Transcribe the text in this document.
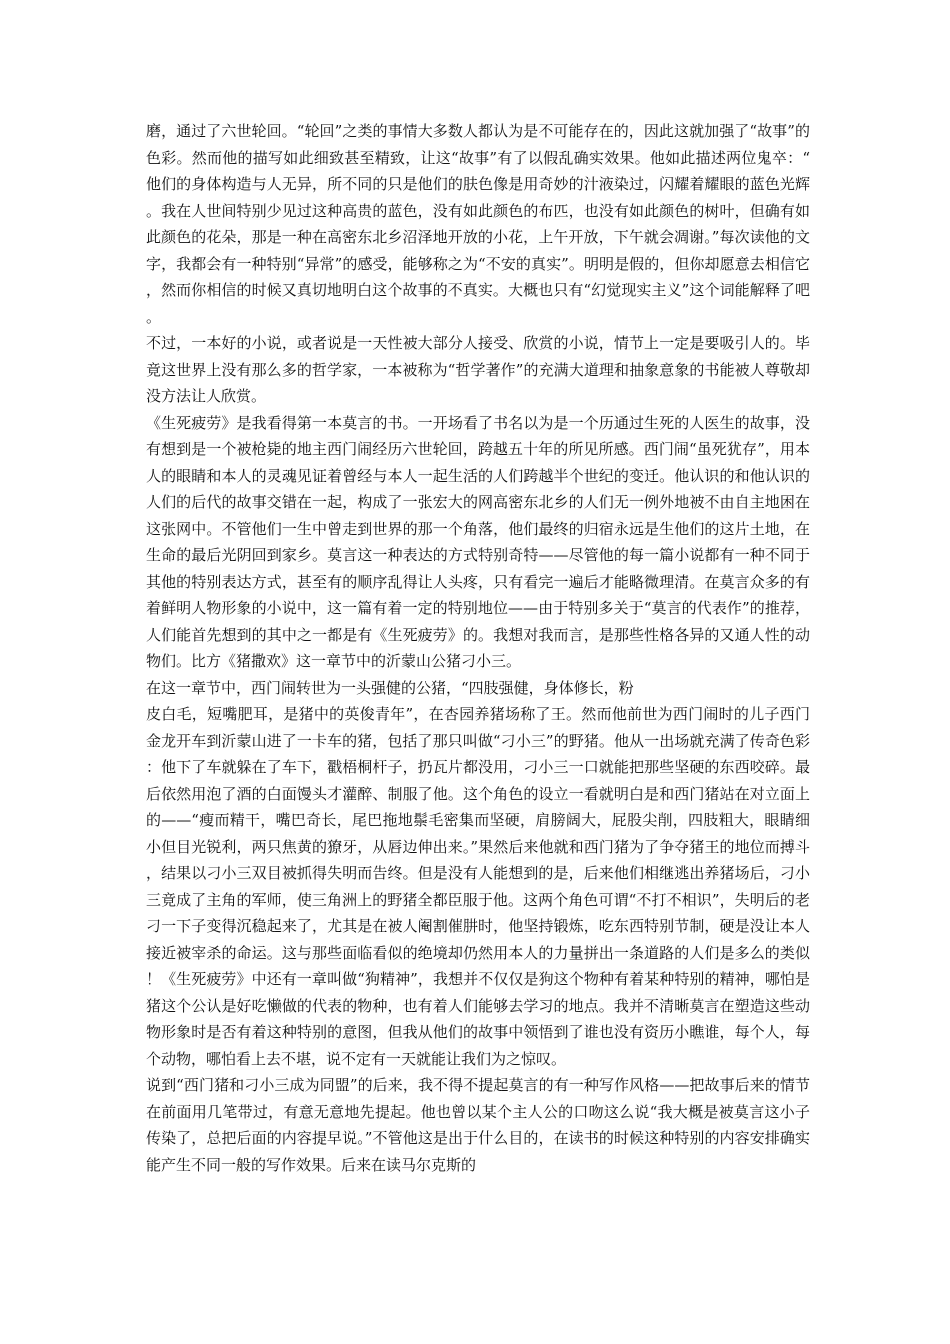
磨，通过了六世轮回。“轮回”之类的事情大多数人都认为是不可能存在的，因此这就加强了“故事”的色彩。然而他的描写如此细致甚至精致，让这“故事”有了以假乱确实效果。他如此描述两位鬼卒：“他们的身体构造与人无异，所不同的只是他们的肤色像是用奇妙的汁液染过，闪耀着耀眼的蓝色光辉。我在人世间特别少见过这种高贵的蓝色，没有如此颜色的布匹，也没有如此颜色的树叶，但确有如此颜色的花朵，那是一种在高密东北乡沼泽地开放的小花，上午开放，下午就会凋谢。”每次读他的文字，我都会有一种特别“异常”的感受，能够称之为“不安的真实”。明明是假的，但你却愿意去相信它，然而你相信的时候又真切地明白这个故事的不真实。大概也只有“幻觉现实主义”这个词能解释了吧。

不过，一本好的小说，或者说是一天性被大部分人接受、欣赏的小说，情节上一定是要吸引人的。毕竟这世界上没有那么多的哲学家，一本被称为“哲学著作”的充满大道理和抽象意象的书能被人尊敬却没方法让人欣赏。

《生死疲劳》是我看得第一本莫言的书。一开场看了书名以为是一个历通过生死的人医生的故事，没有想到是一个被枪毙的地主西门闹经历六世轮回，跨越五十年的所见所感。西门闹“虽死犹存”，用本人的眼睛和本人的灵魂见证着曾经与本人一起生活的人们跨越半个世纪的变迁。他认识的和他认识的人们的后代的故事交错在一起，构成了一张宏大的网高密东北乡的人们无一例外地被不由自主地困在这张网中。不管他们一生中曾走到世界的那一个角落，他们最终的归宿永远是生他们的这片土地，在生命的最后光阴回到家乡。莫言这一种表达的方式特别奇特——尽管他的每一篇小说都有一种不同于其他的特别表达方式，甚至有的顺序乱得让人头疼，只有看完一遍后才能略微理清。在莫言众多的有着鲜明人物形象的小说中，这一篇有着一定的特别地位——由于特别多关于“莫言的代表作”的推荐，人们能首先想到的其中之一都是有《生死疲劳》的。我想对我而言，是那些性格各异的又通人性的动物们。比方《猪撒欢》这一章节中的沂蒙山公猪刁小三。

在这一章节中，西门闹转世为一头强健的公猪，“四肢强健，身体修长，粉
皮白毛，短嘴肥耳，是猪中的英俊青年”，在杏园养猪场称了王。然而他前世为西门闹时的儿子西门金龙开车到沂蒙山进了一卡车的猪，包括了那只叫做“刁小三”的野猪。他从一出场就充满了传奇色彩：他下了车就躲在了车下，戳梧桐杆子，扔瓦片都没用，刁小三一口就能把那些坚硬的东西咬碎。最后依然用泡了酒的白面馒头才灌醉、制服了他。这个角色的设立一看就明白是和西门猪站在对立面上的——“瘦而精干，嘴巴奇长，尾巴拖地鬃毛密集而坚硬，肩膀阔大，屁股尖削，四肢粗大，眼睛细小但目光锐利，两只焦黄的獠牙，从唇边伸出来。”果然后来他就和西门猪为了争夺猪王的地位而搏斗，结果以刁小三双目被抓得失明而告终。但是没有人能想到的是，后来他们相继逃出养猪场后，刁小三竟成了主角的军师，使三角洲上的野猪全都臣服于他。这两个角色可谓“不打不相识”，失明后的老刁一下子变得沉稳起来了，尤其是在被人阉割催肼时，他坚持锻炼，吃东西特别节制，硬是没让本人接近被宰杀的命运。这与那些面临看似的绝境却仍然用本人的力量拼出一条道路的人们是多么的类似！《生死疲劳》中还有一章叫做“狗精神”，我想并不仅仅是狗这个物种有着某种特别的精神，哪怕是猪这个公认是好吃懒做的代表的物种，也有着人们能够去学习的地点。我并不清晰莫言在塑造这些动物形象时是否有着这种特别的意图，但我从他们的故事中领悟到了谁也没有资历小瞧谁，每个人，每个动物，哪怕看上去不堪，说不定有一天就能让我们为之惊叹。

说到“西门猪和刁小三成为同盟”的后来，我不得不提起莫言的有一种写作风格——把故事后来的情节在前面用几笔带过，有意无意地先提起。他也曾以某个主人公的口吻这么说“我大概是被莫言这小子传染了，总把后面的内容提早说。”不管他这是出于什么目的，在读书的时候这种特别的内容安排确实能产生不同一般的写作效果。后来在读马尔克斯的
